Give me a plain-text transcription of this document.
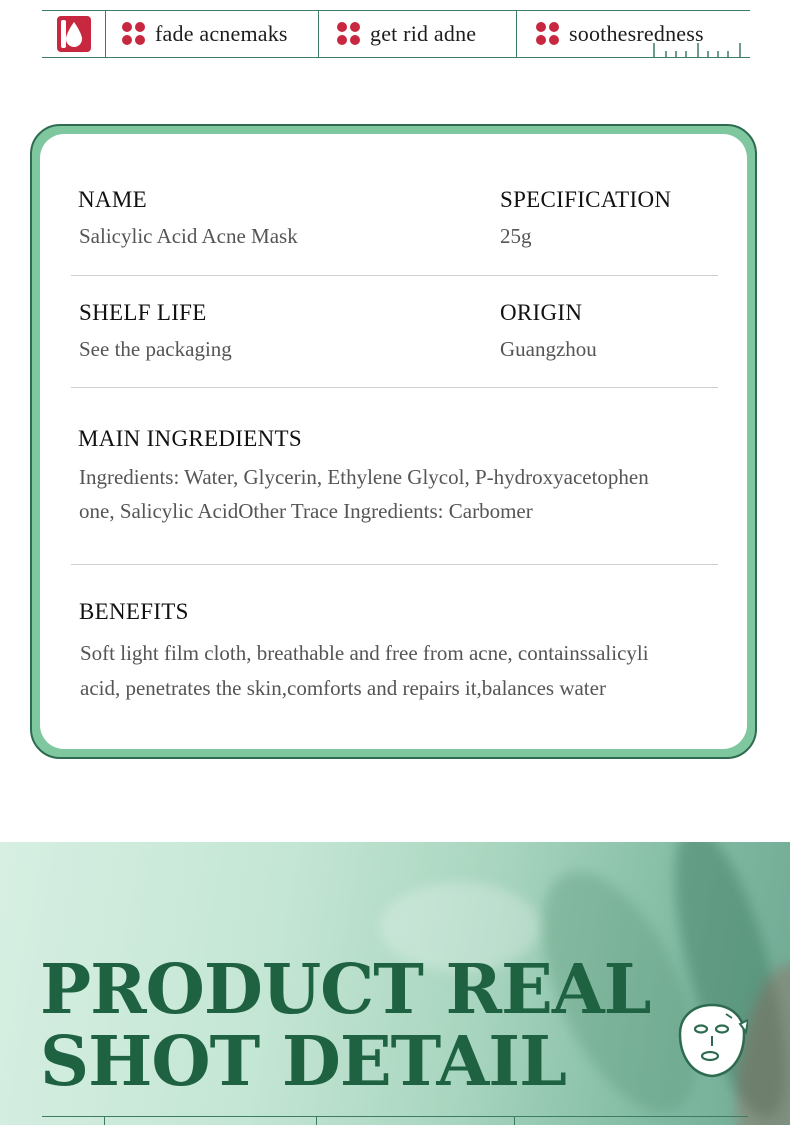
fade acnemaks	get rid adne	soothesredness
NAME
Salicylic Acid Acne Mask
SPECIFICATION
25g
SHELF LIFE
See the packaging
ORIGIN
Guangzhou
MAIN INGREDIENTS
Ingredients: Water, Glycerin, Ethylene Glycol, P-hydroxyacetophen
one, Salicylic AcidOther Trace Ingredients: Carbomer
BENEFITS
Soft light film cloth, breathable and free from acne, containssalicyli
acid, penetrates the skin,comforts and repairs it,balances water
PRODUCT REAL
SHOT DETAIL
